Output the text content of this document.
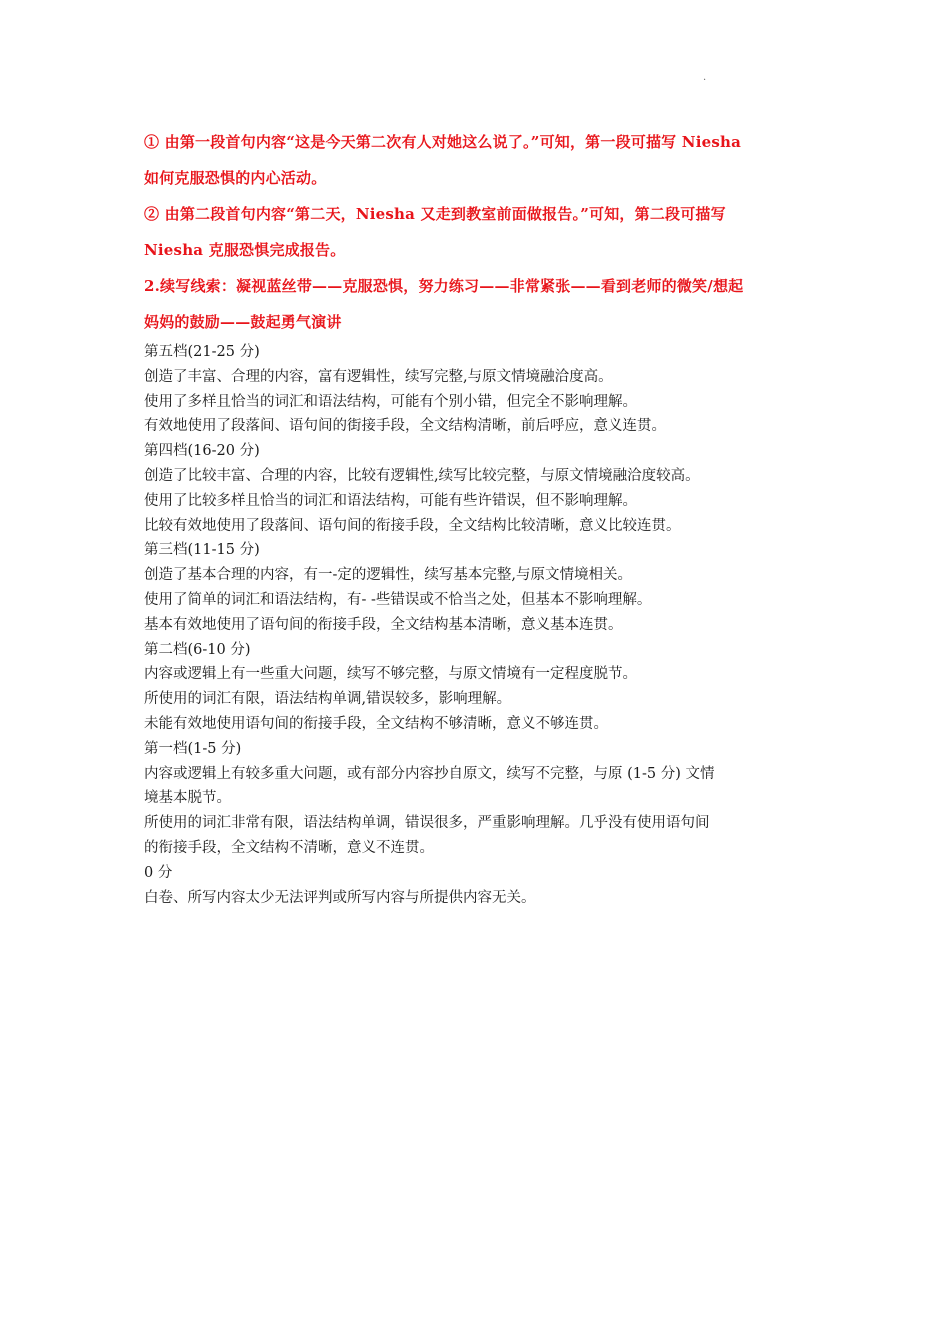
.
① 由第一段首句内容“这是今天第二次有人对她这么说了。”可知，第一段可描写 Niesha
如何克服恐惧的内心活动。
② 由第二段首句内容“第二天，Niesha 又走到教室前面做报告。”可知，第二段可描写
Niesha 克服恐惧完成报告。
2.续写线索：凝视蓝丝带——克服恐惧，努力练习——非常紧张——看到老师的微笑/想起
妈妈的鼓励——鼓起勇气演讲
第五档(21-25 分)
创造了丰富、合理的内容，富有逻辑性，续写完整,与原文情境融洽度高。
使用了多样且恰当的词汇和语法结构，可能有个别小错，但完全不影响理解。
有效地使用了段落间、语句间的街接手段，全文结构清晰，前后呼应，意义连贯。
第四档(16-20 分)
创造了比较丰富、合理的内容，比较有逻辑性,续写比较完整，与原文情境融洽度较高。
使用了比较多样且恰当的词汇和语法结构，可能有些许错误，但不影响理解。
比较有效地使用了段落间、语句间的衔接手段，全文结构比较清晰，意义比较连贯。
第三档(11-15 分)
创造了基本合理的内容，有一-定的逻辑性，续写基本完整,与原文情境相关。
使用了简单的词汇和语法结构，有- -些错误或不恰当之处，但基本不影响理解。
基本有效地使用了语句间的衔接手段，全文结构基本清晰，意义基本连贯。
第二档(6-10 分)
内容或逻辑上有一些重大问题，续写不够完整，与原文情境有一定程度脱节。
所使用的词汇有限，语法结构单调,错误较多，影响理解。
未能有效地使用语句间的衔接手段，全文结构不够清晰，意义不够连贯。
第一档(1-5 分)
内容或逻辑上有较多重大问题，或有部分内容抄自原文，续写不完整，与原 (1-5 分) 文情
境基本脱节。
所使用的词汇非常有限，语法结构单调，错误很多，严重影响理解。几乎没有使用语句间
的衔接手段，全文结构不清晰，意义不连贯。
0 分
白卷、所写内容太少无法评判或所写内容与所提供内容无关。
